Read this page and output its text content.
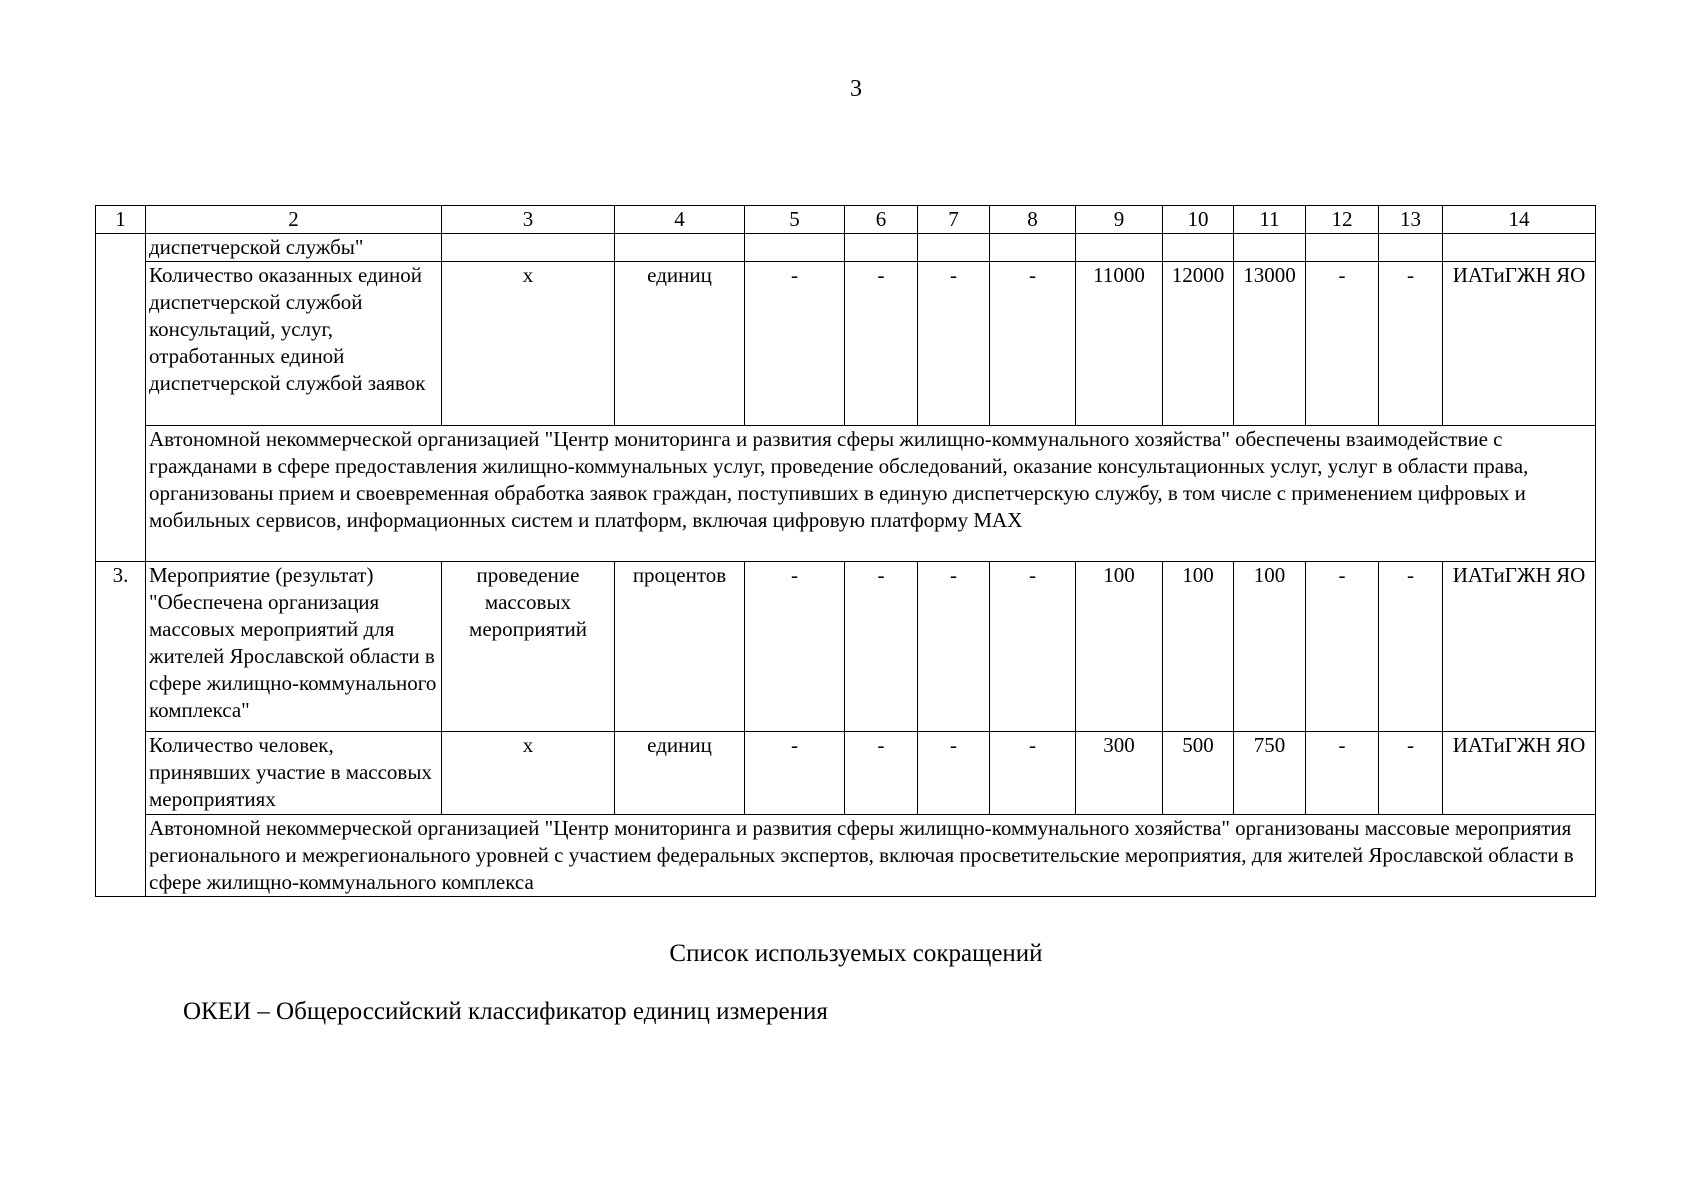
3
1	2	3	4	5	6	7	8	9	10	11	12	13	14
	диспетчерской службы"												
	Количество оказанных единой диспетчерской службой консультаций, услуг, отработанных единой диспетчерской службой заявок	х	единиц	-	-	-	-	11000	12000	13000	-	-	ИАТиГЖН ЯО
	Автономной некоммерческой организацией "Центр мониторинга и развития сферы жилищно-коммунального хозяйства" обеспечены взаимодействие с гражданами в сфере предоставления жилищно-коммунальных услуг, проведение обследований, оказание консультационных услуг, услуг в области права, организованы прием и своевременная обработка заявок граждан, поступивших в единую диспетчерскую службу, в том числе с применением цифровых и мобильных сервисов, информационных систем и платформ, включая цифровую платформу MAX												
3.	Мероприятие (результат) "Обеспечена организация массовых мероприятий для жителей Ярославской области в сфере жилищно-коммунального комплекса"	проведение массовых мероприятий	процентов	-	-	-	-	100	100	100	-	-	ИАТиГЖН ЯО
	Количество человек, принявших участие в массовых мероприятиях	х	единиц	-	-	-	-	300	500	750	-	-	ИАТиГЖН ЯО
	Автономной некоммерческой организацией "Центр мониторинга и развития сферы жилищно-коммунального хозяйства" организованы массовые мероприятия регионального и межрегионального уровней с участием федеральных экспертов, включая просветительские мероприятия, для жителей Ярославской области в сфере жилищно-коммунального комплекса												
Список используемых сокращений
ОКЕИ – Общероссийский классификатор единиц измерения
